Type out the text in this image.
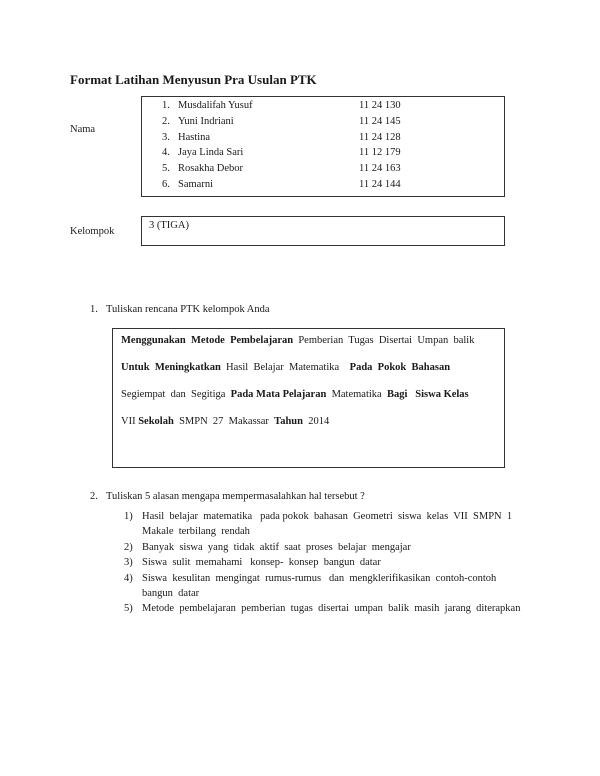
Format Latihan Menyusun Pra Usulan PTK
Nama
1. Musdalifah Yusuf	11 24 130
2. Yuni Indriani	11 24 145
3. Hastina	11 24 128
4. Jaya Linda Sari	11 12 179
5. Rosakha Debor	11 24 163
6. Samarni	11 24 144
Kelompok
3 (TIGA)
1. Tuliskan rencana PTK kelompok Anda
Menggunakan  Metode  Pembelajaran  Pemberian  Tugas  Disertai  Umpan  balik
Untuk  Meningkatkan  Hasil  Belajar  Matematika    Pada  Pokok  Bahasan
Segiempat  dan  Segitiga  Pada Mata Pelajaran  Matematika  Bagi   Siswa Kelas
VII Sekolah  SMPN  27  Makassar  Tahun  2014
2. Tuliskan 5 alasan mengapa mempermasalahkan hal tersebut ?
1) Hasil  belajar  matematika   pada pokok  bahasan  Geometri  siswa  kelas  VII  SMPN  1
Makale  terbilang  rendah
2) Banyak  siswa  yang  tidak  aktif  saat  proses  belajar  mengajar
3) Siswa  sulit  memahami   konsep-  konsep  bangun  datar
4) Siswa  kesulitan  mengingat  rumus-rumus   dan  mengklerifikasikan  contoh-contoh
bangun  datar
5) Metode  pembelajaran  pemberian  tugas  disertai  umpan  balik  masih  jarang  diterapkan
